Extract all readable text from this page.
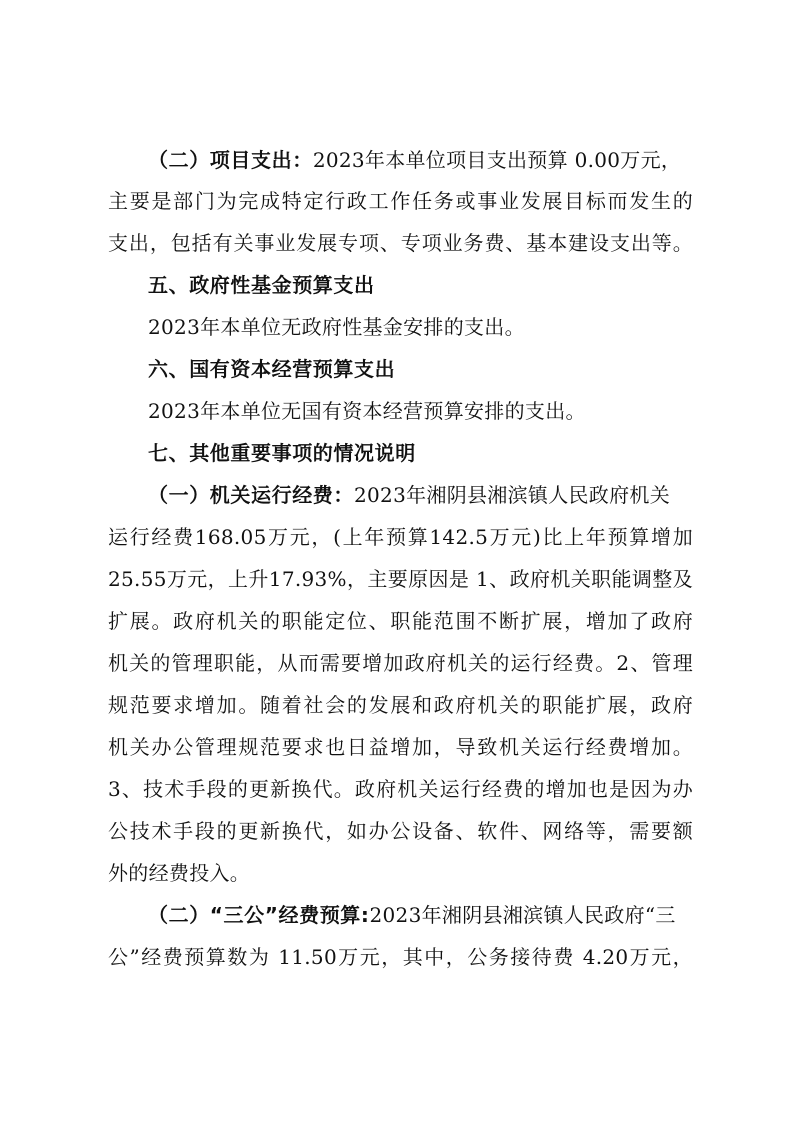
（二）项目支出：2023年本单位项目支出预算 0.00万元，
主要是部门为完成特定行政工作任务或事业发展目标而发生的
支出，包括有关事业发展专项、专项业务费、基本建设支出等。
五、政府性基金预算支出
2023年本单位无政府性基金安排的支出。
六、国有资本经营预算支出
2023年本单位无国有资本经营预算安排的支出。
七、其他重要事项的情况说明
（一）机关运行经费：2023年湘阴县湘滨镇人民政府机关
运行经费168.05万元，(上年预算142.5万元)比上年预算增加
25.55万元，上升17.93%，主要原因是 1、政府机关职能调整及
扩展。政府机关的职能定位、职能范围不断扩展，增加了政府
机关的管理职能，从而需要增加政府机关的运行经费。2、管理
规范要求增加。随着社会的发展和政府机关的职能扩展，政府
机关办公管理规范要求也日益增加，导致机关运行经费增加。
3、技术手段的更新换代。政府机关运行经费的增加也是因为办
公技术手段的更新换代，如办公设备、软件、网络等，需要额
外的经费投入。
（二）“三公”经费预算:2023年湘阴县湘滨镇人民政府“三
公”经费预算数为 11.50万元，其中，公务接待费 4.20万元，
